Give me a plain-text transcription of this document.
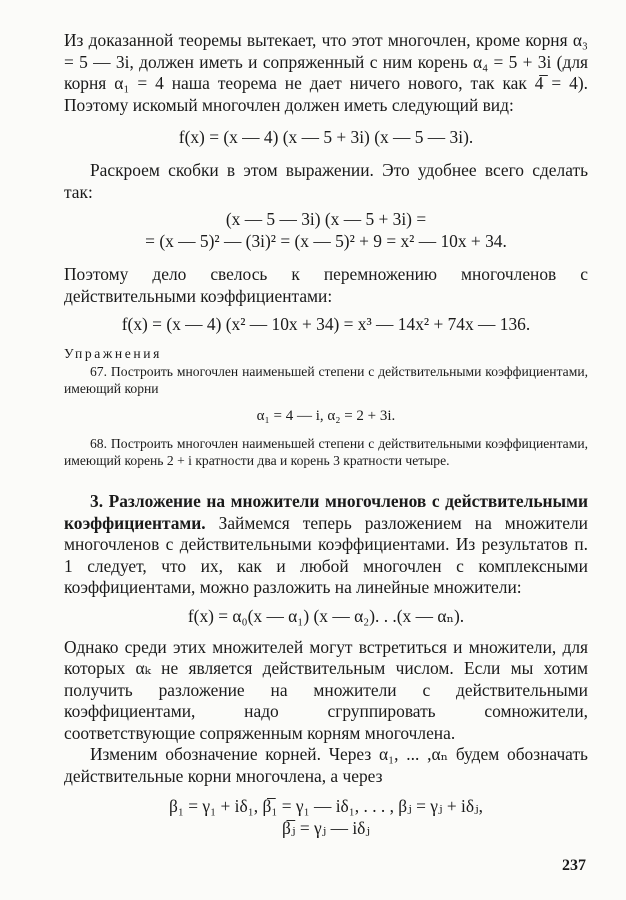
Из доказанной теоремы вытекает, что этот многочлен, кроме корня α₃ = 5 — 3i, должен иметь и сопряженный с ним корень α₄ = 5 + 3i (для корня α₁ = 4 наша теорема не дает ничего нового, так как 4̅ = 4). Поэтому искомый многочлен должен иметь следующий вид:

f(x) = (x — 4) (x — 5 + 3i) (x — 5 — 3i).

Раскроем скобки в этом выражении. Это удобнее всего сделать так:

(x — 5 — 3i) (x — 5 + 3i) =

= (x — 5)² — (3i)² = (x — 5)² + 9 = x² — 10x + 34.

Поэтому дело свелось к перемножению многочленов с действительными коэффициентами:

f(x) = (x — 4) (x² — 10x + 34) = x³ — 14x² + 74x — 136.

Упражнения

67. Построить многочлен наименьшей степени с действительными коэффициентами, имеющий корни

α₁ = 4 — i, α₂ = 2 + 3i.

68. Построить многочлен наименьшей степени с действительными коэффициентами, имеющий корень 2 + i кратности два и корень 3 кратности четыре.

3. Разложение на множители многочленов с действительными коэффициентами. Займемся теперь разложением на множители многочленов с действительными коэффициентами. Из результатов п. 1 следует, что их, как и любой многочлен с комплексными коэффициентами, можно разложить на линейные множители:

f(x) = α₀(x — α₁) (x — α₂). . .(x — αₙ).

Однако среди этих множителей могут встретиться и множители, для которых αₖ не является действительным числом. Если мы хотим получить разложение на множители с действительными коэффициентами, надо сгруппировать сомножители, соответствующие сопряженным корням многочлена.

Изменим обозначение корней. Через α₁, ... ,αₙ будем обозначать действительные корни многочлена, а через

β₁ = γ₁ + iδ₁, β̅₁ = γ₁ — iδ₁, . . . , βⱼ = γⱼ + iδⱼ,

β̅ⱼ = γⱼ — iδⱼ

237
